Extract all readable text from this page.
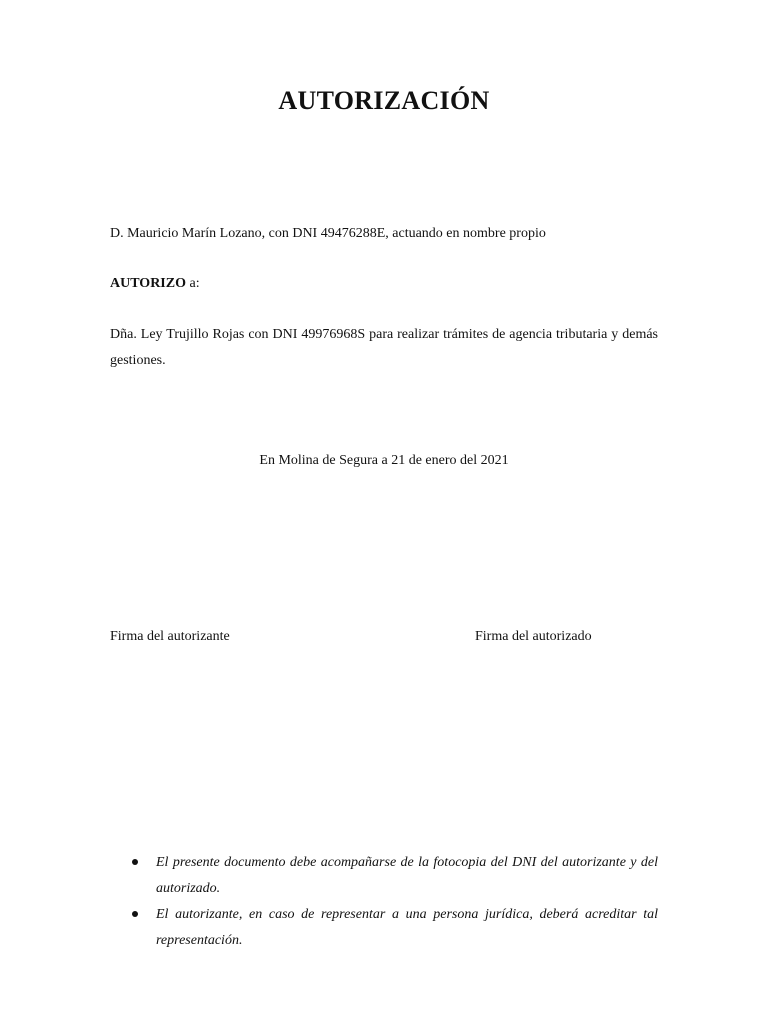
AUTORIZACIÓN
D. Mauricio Marín Lozano, con DNI 49476288E, actuando en nombre propio
AUTORIZO a:
Dña. Ley Trujillo Rojas con DNI 49976968S para realizar trámites de agencia tributaria y demás gestiones.
En Molina de Segura a 21 de enero del 2021
Firma del autorizante	Firma del autorizado
El presente documento debe acompañarse de la fotocopia del DNI del autorizante y del autorizado.
El autorizante, en caso de representar a una persona jurídica, deberá acreditar tal representación.
